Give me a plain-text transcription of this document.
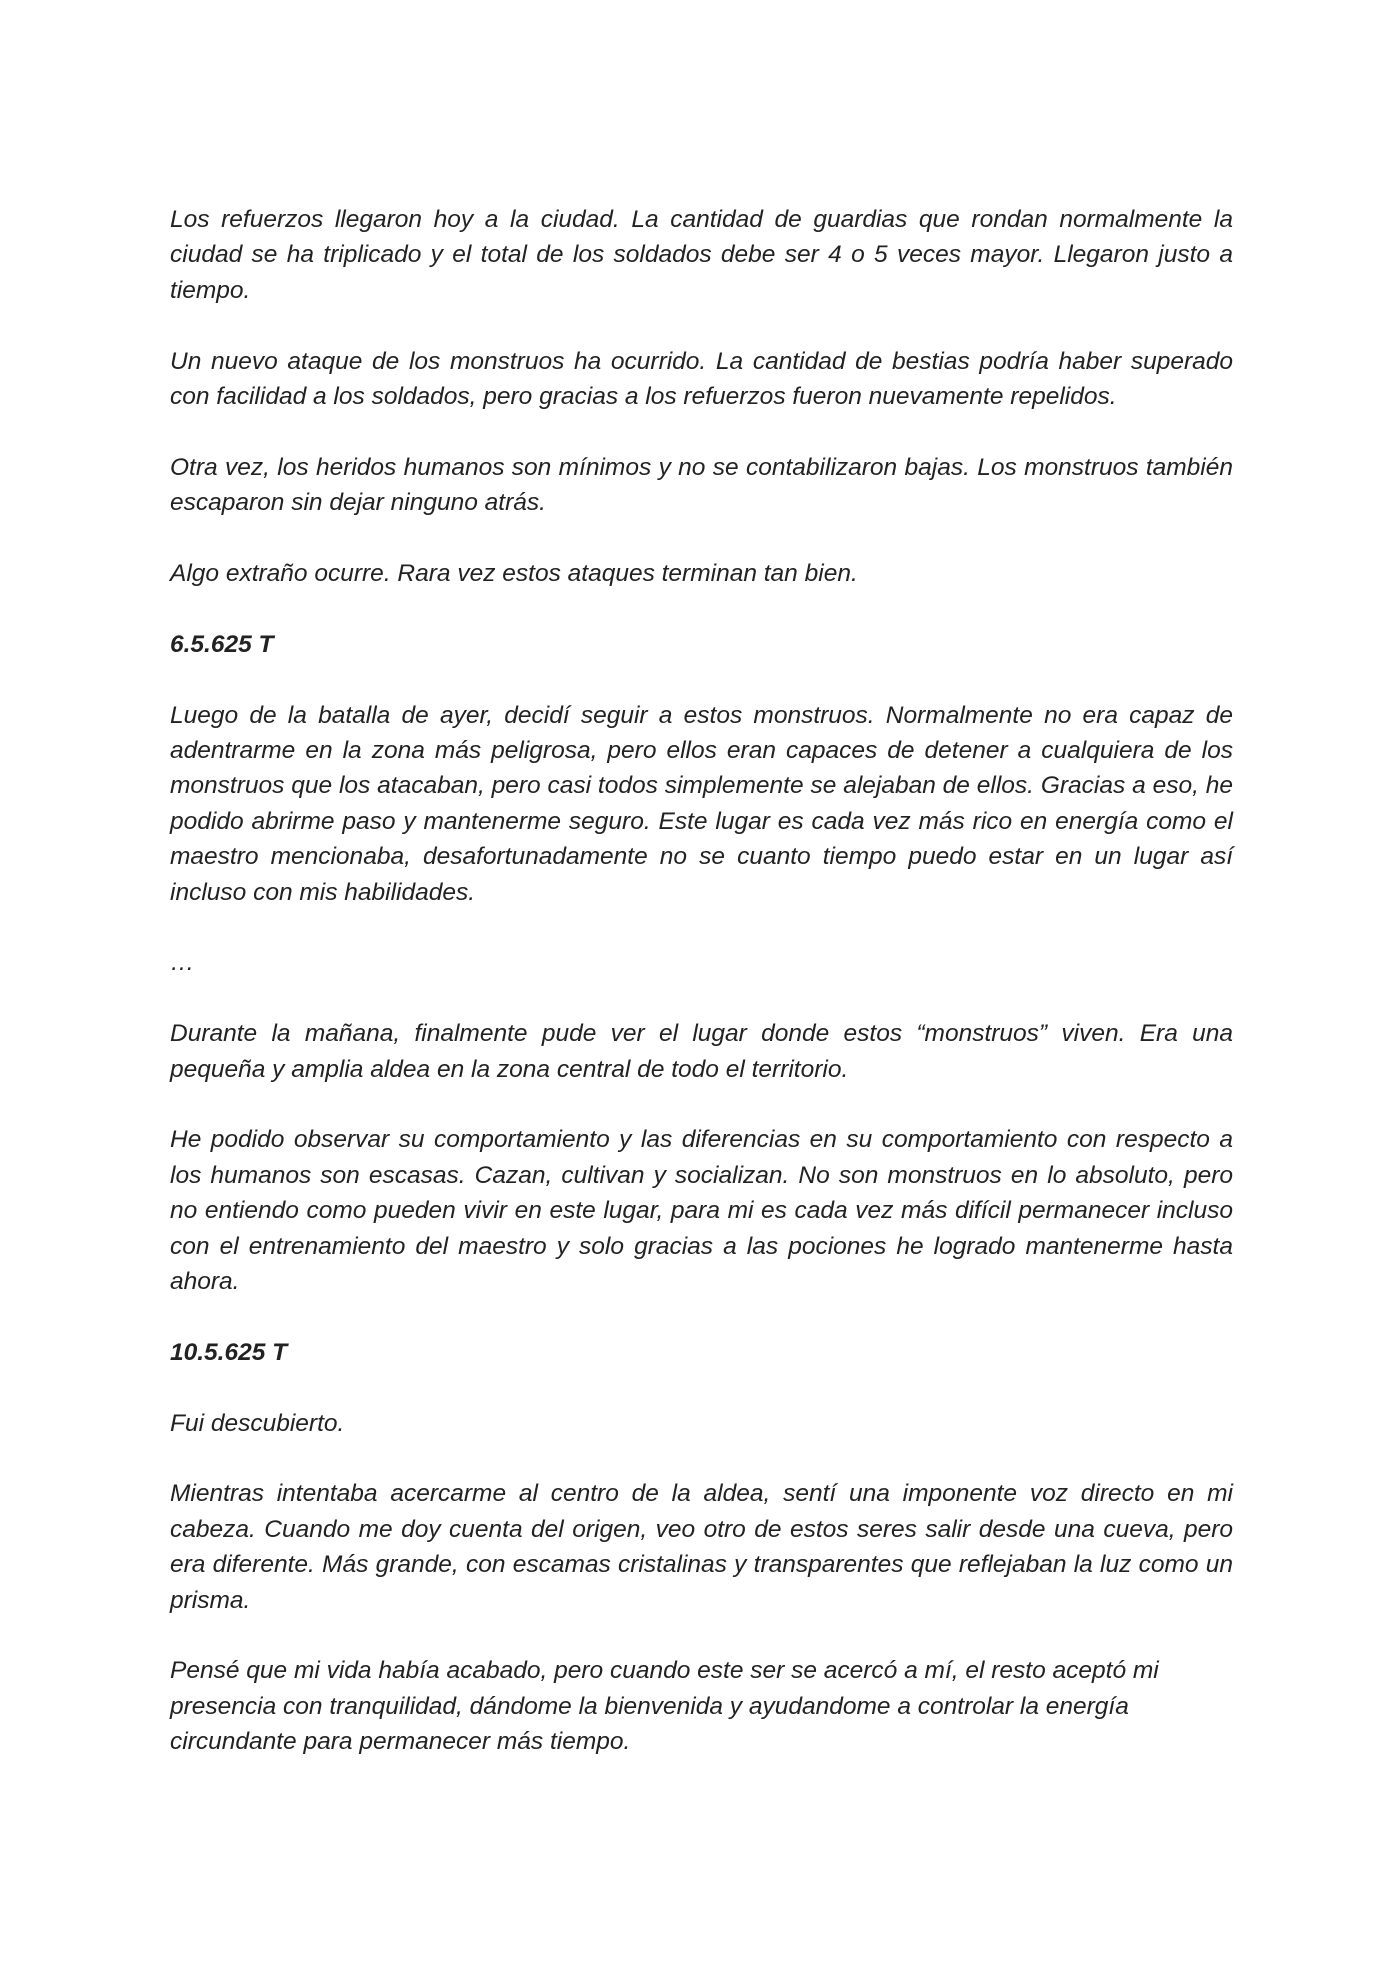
Los refuerzos llegaron hoy a la ciudad. La cantidad de guardias que rondan normalmente la ciudad se ha triplicado y el total de los soldados debe ser 4 o 5 veces mayor. Llegaron justo a tiempo.

Un nuevo ataque de los monstruos ha ocurrido. La cantidad de bestias podría haber superado con facilidad a los soldados, pero gracias a los refuerzos fueron nuevamente repelidos.

Otra vez, los heridos humanos son mínimos y no se contabilizaron bajas. Los monstruos también escaparon sin dejar ninguno atrás.

Algo extraño ocurre. Rara vez estos ataques terminan tan bien.

6.5.625 T

Luego de la batalla de ayer, decidí seguir a estos monstruos. Normalmente no era capaz de adentrarme en la zona más peligrosa, pero ellos eran capaces de detener a cualquiera de los monstruos que los atacaban, pero casi todos simplemente se alejaban de ellos. Gracias a eso, he podido abrirme paso y mantenerme seguro. Este lugar es cada vez más rico en energía como el maestro mencionaba, desafortunadamente no se cuanto tiempo puedo estar en un lugar así incluso con mis habilidades.

…

Durante la mañana, finalmente pude ver el lugar donde estos “monstruos” viven. Era una pequeña y amplia aldea en la zona central de todo el territorio.

He podido observar su comportamiento y las diferencias en su comportamiento con respecto a los humanos son escasas. Cazan, cultivan y socializan. No son monstruos en lo absoluto, pero no entiendo como pueden vivir en este lugar, para mi es cada vez más difícil permanecer incluso con el entrenamiento del maestro y solo gracias a las pociones he logrado mantenerme hasta ahora.

10.5.625 T

Fui descubierto.

Mientras intentaba acercarme al centro de la aldea, sentí una imponente voz directo en mi cabeza. Cuando me doy cuenta del origen, veo otro de estos seres salir desde una cueva, pero era diferente. Más grande, con escamas cristalinas y transparentes que reflejaban la luz como un prisma.

Pensé que mi vida había acabado, pero cuando este ser se acercó a mí, el resto aceptó mi presencia con tranquilidad, dándome la bienvenida y ayudandome a controlar la energía circundante para permanecer más tiempo.
